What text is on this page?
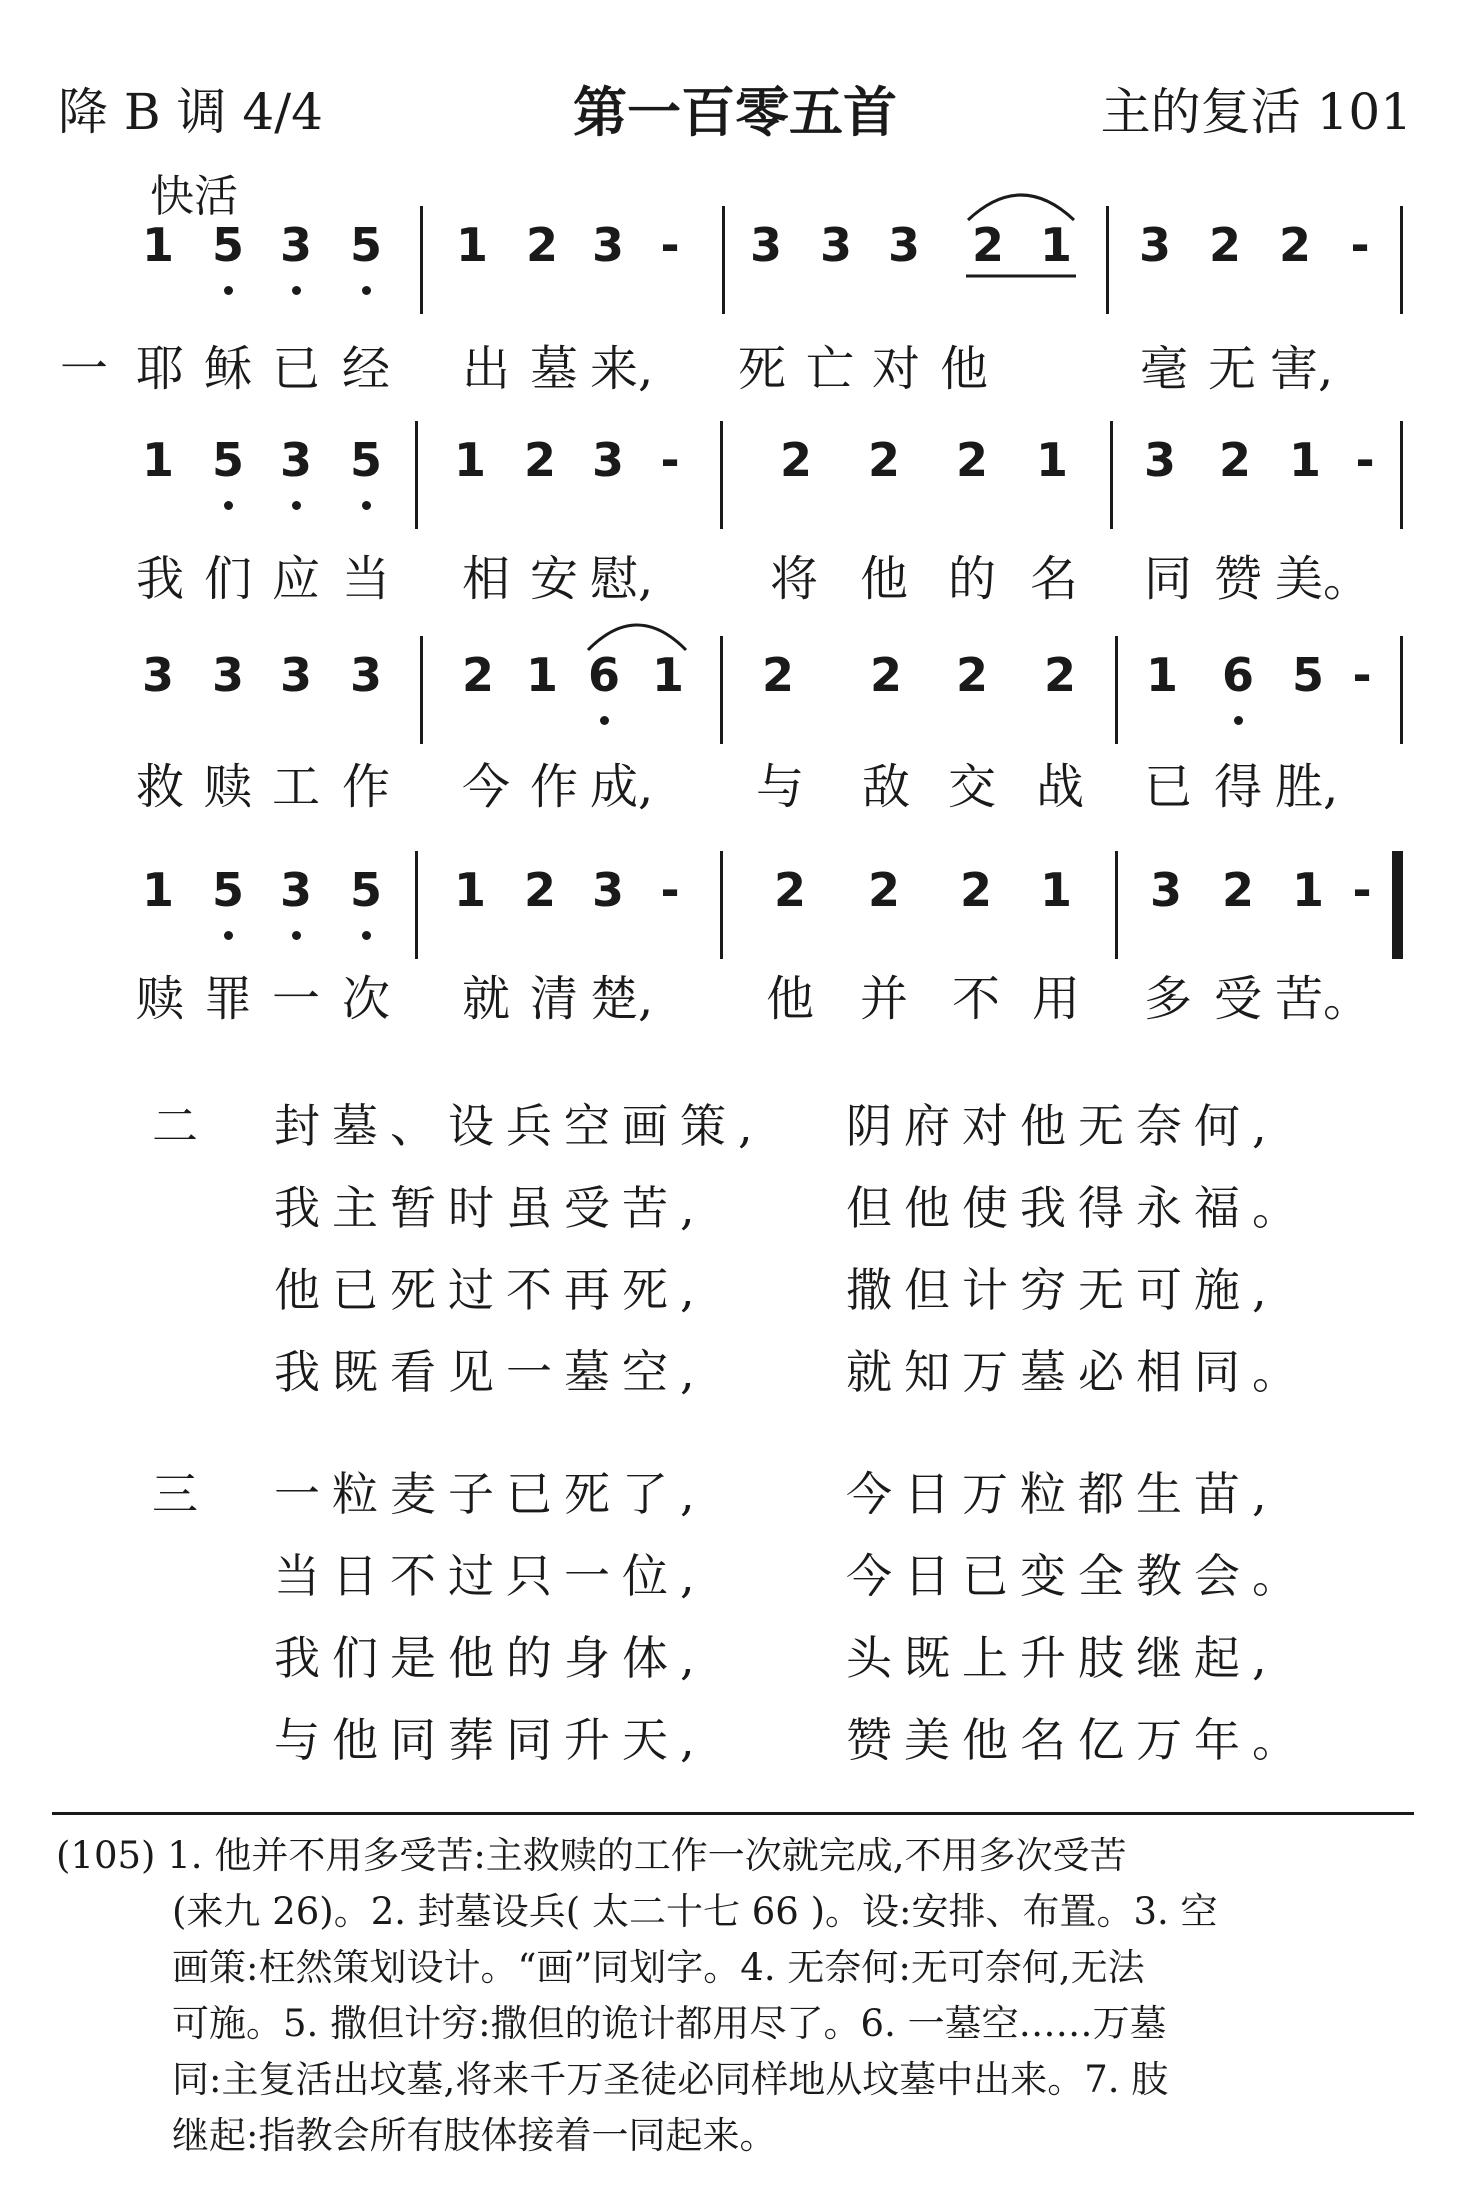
降 B 调 4/4	第一百零五首	主的复活 101
快活
1 5 3 5 1 2 3 - 3 3 3 2 1 3 2 2 -
一 耶 稣 已 经 出 墓 来, 死 亡 对 他	毫 无 害,
1 5 3 5 1 2 3 - 2 2 2 1 3 2 1 -
我 们 应 当 相 安 慰, 将 他 的 名 同 赞 美。
3 3 3 3 2 1 6 1 2 2 2 2 1 6 5 -
救 赎 工 作 今 作 成, 与 敌 交 战 已 得 胜,
1 5 3 5 1 2 3 - 2 2 2 1 3 2 1 -
赎 罪 一 次 就 清 楚, 他 并 不 用 多 受 苦。
二 封墓、设兵空画策, 阴府对他无奈何,
我主暂时虽受苦,	但他使我得永福。
他已死过不再死,	撒但计穷无可施,
我既看见一墓空,	就知万墓必相同。
三 一粒麦子已死了,	今日万粒都生苗,
当日不过只一位,	今日已变全教会。
我们是他的身体,	头既上升肢继起,
与他同葬同升天,	赞美他名亿万年。
(105) 1. 他并不用多受苦:主救赎的工作一次就完成,不用多次受苦
(来九 26)。2. 封墓设兵( 太二十七 66 )。设:安排、布置。3. 空
画策:枉然策划设计。“画”同划字。4. 无奈何:无可奈何,无法
可施。5. 撒但计穷:撒但的诡计都用尽了。6. 一墓空……万墓
同:主复活出坟墓,将来千万圣徒必同样地从坟墓中出来。7. 肢
继起:指教会所有肢体接着一同起来。
